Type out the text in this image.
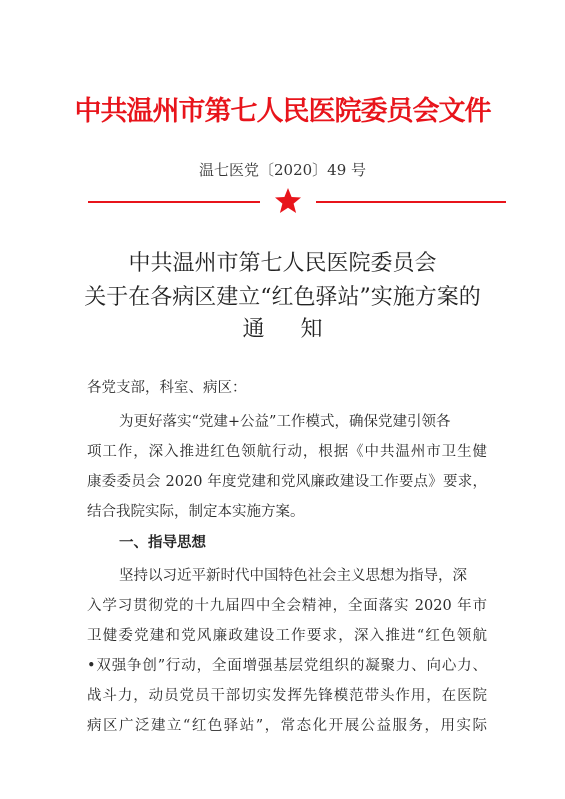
中共温州市第七人民医院委员会文件
温七医党〔2020〕49 号
中共温州市第七人民医院委员会
关于在各病区建立“红色驿站”实施方案的
通 知
各党支部，科室、病区：
为更好落实“党建+公益”工作模式，确保党建引领各
项工作，深入推进红色领航行动，根据《中共温州市卫生健
康委委员会 2020 年度党建和党风廉政建设工作要点》要求，
结合我院实际，制定本实施方案。
一、指导思想
坚持以习近平新时代中国特色社会主义思想为指导，深
入学习贯彻党的十九届四中全会精神，全面落实 2020 年市
卫健委党建和党风廉政建设工作要求，深入推进“红色领航
•双强争创”行动，全面增强基层党组织的凝聚力、向心力、
战斗力，动员党员干部切实发挥先锋模范带头作用，在医院
病区广泛建立“红色驿站”，常态化开展公益服务，用实际
